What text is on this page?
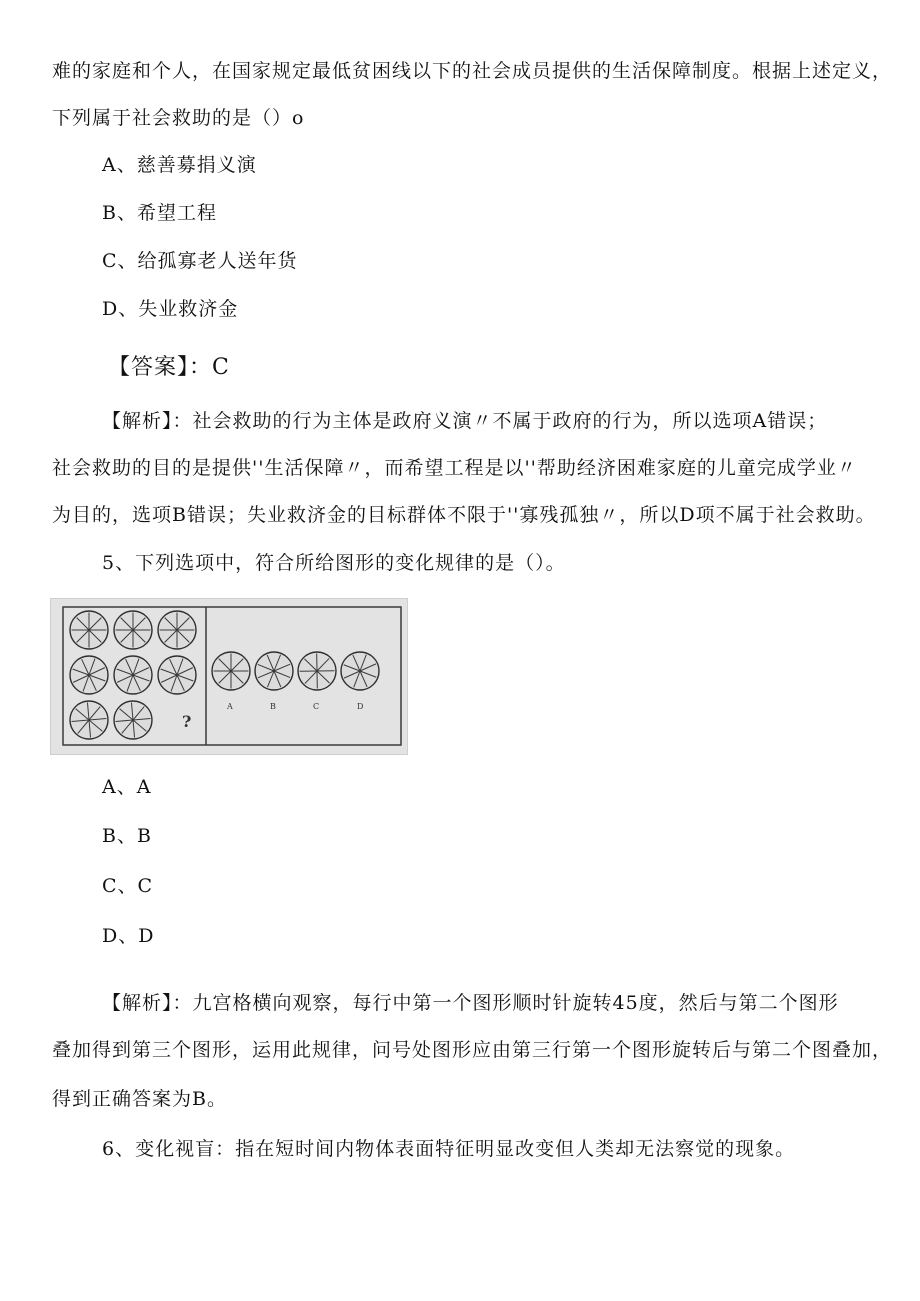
难的家庭和个人，在国家规定最低贫困线以下的社会成员提供的生活保障制度。根据上述定义，
下列属于社会救助的是（）o
A、慈善募捐义演
B、希望工程
C、给孤寡老人送年货
D、失业救济金
【答案】：C
【解析】：社会救助的行为主体是政府义演〃不属于政府的行为，所以选项A错误；
社会救助的目的是提供''生活保障〃，而希望工程是以''帮助经济困难家庭的儿童完成学业〃
为目的，选项B错误；失业救济金的目标群体不限于''寡残孤独〃，所以D项不属于社会救助。
5、下列选项中，符合所给图形的变化规律的是（）。
?
A	B	C	D
A、A
B、B
C、C
D、D
【解析】：九宫格横向观察，每行中第一个图形顺时针旋转45度，然后与第二个图形
叠加得到第三个图形，运用此规律，问号处图形应由第三行第一个图形旋转后与第二个图叠加，
得到正确答案为B。
6、变化视盲：指在短时间内物体表面特征明显改变但人类却无法察觉的现象。
